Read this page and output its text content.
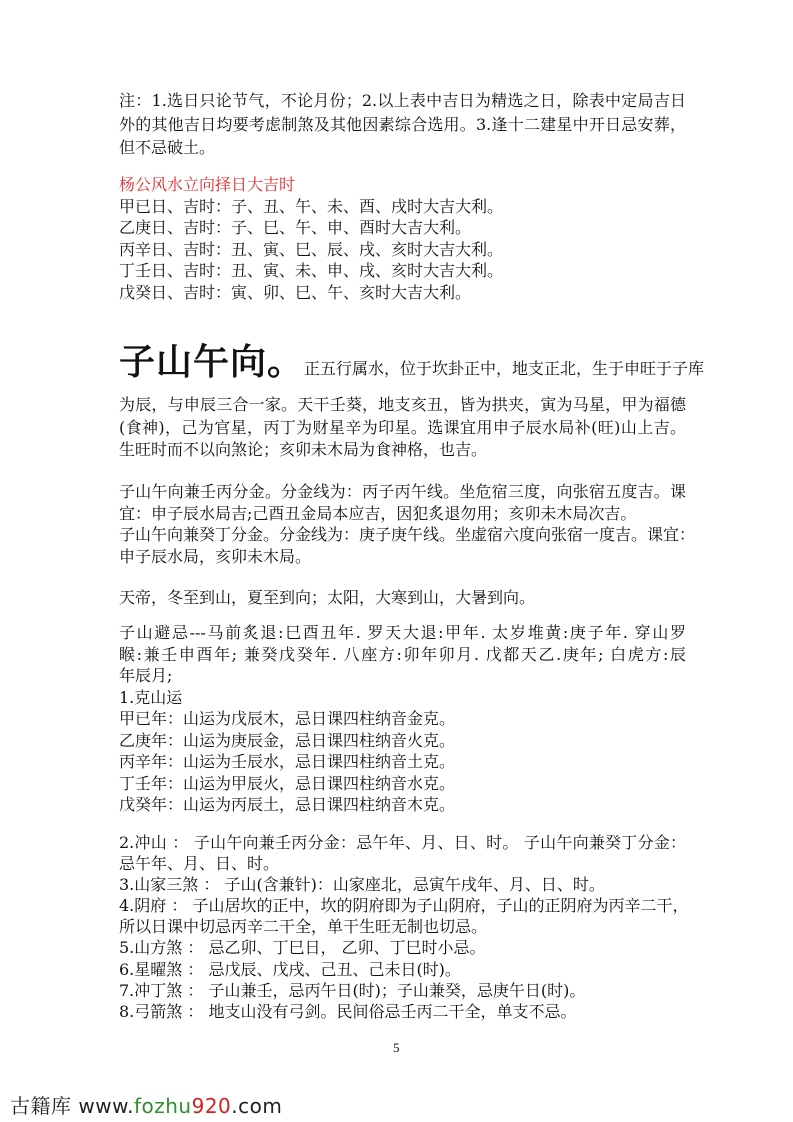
注：1.选日只论节气，不论月份；2.以上表中吉日为精选之日，除表中定局吉日
外的其他吉日均要考虑制煞及其他因素综合选用。3.逢十二建星中开日忌安葬，
但不忌破土。
杨公风水立向择日大吉时
甲已日、吉时：子、丑、午、未、酉、戌时大吉大利。
乙庚日、吉时：子、巳、午、申、酉时大吉大利。
丙辛日、吉时：丑、寅、巳、辰、戌、亥时大吉大利。
丁壬日、吉时：丑、寅、未、申、戌、亥时大吉大利。
戊癸日、吉时：寅、卯、巳、午、亥时大吉大利。
子山午向。 正五行属水，位于坎卦正中，地支正北，生于申旺于子库
为辰，与申辰三合一家。天干壬葵，地支亥丑，皆为拱夹，寅为马星，甲为福德
(食神)，己为官星，丙丁为财星辛为印星。选课宜用申子辰水局补(旺)山上吉。
生旺时而不以向煞论；亥卯未木局为食神格，也吉。
子山午向兼壬丙分金。分金线为：丙子丙午线。坐危宿三度，向张宿五度吉。课
宜：申子辰水局吉;己酉丑金局本应吉，因犯炙退勿用；亥卯未木局次吉。
子山午向兼癸丁分金。分金线为：庚子庚午线。坐虚宿六度向张宿一度吉。课宜：
申子辰水局，亥卯未木局。
天帝，冬至到山，夏至到向；太阳，大寒到山，大暑到向。
子山避忌---马前炙退:巳酉丑年. 罗天大退:甲年. 太岁堆黄:庚子年. 穿山罗
睺:兼壬申酉年; 兼癸戊癸年. 八座方:卯年卯月. 戊都天乙.庚年; 白虎方:辰
年辰月;
1.克山运
甲已年：山运为戊辰木，忌日课四柱纳音金克。
乙庚年：山运为庚辰金，忌日课四柱纳音火克。
丙辛年：山运为壬辰水，忌日课四柱纳音土克。
丁壬年：山运为甲辰火，忌日课四柱纳音水克。
戊癸年：山运为丙辰土，忌日课四柱纳音木克。
2.冲山 ： 子山午向兼壬丙分金：忌午年、月、日、时。 子山午向兼癸丁分金：
忌午年、月、日、时。
3.山家三煞 ： 子山(含兼针)：山家座北，忌寅午戌年、月、日、时。
4.阴府 ： 子山居坎的正中，坎的阴府即为子山阴府，子山的正阴府为丙辛二干，
所以日课中切忌丙辛二干全，单干生旺无制也切忌。
5.山方煞 ： 忌乙卯、丁巳日， 乙卯、丁巳时小忌。
6.星曜煞 ： 忌戊辰、戊戌、己丑、己未日(时)。
7.冲丁煞 ： 子山兼壬，忌丙午日(时)；子山兼癸，忌庚午日(时)。
8.弓箭煞 ： 地支山没有弓剑。民间俗忌壬丙二干全，单支不忌。
5
古籍库 www.fozhu920.com
